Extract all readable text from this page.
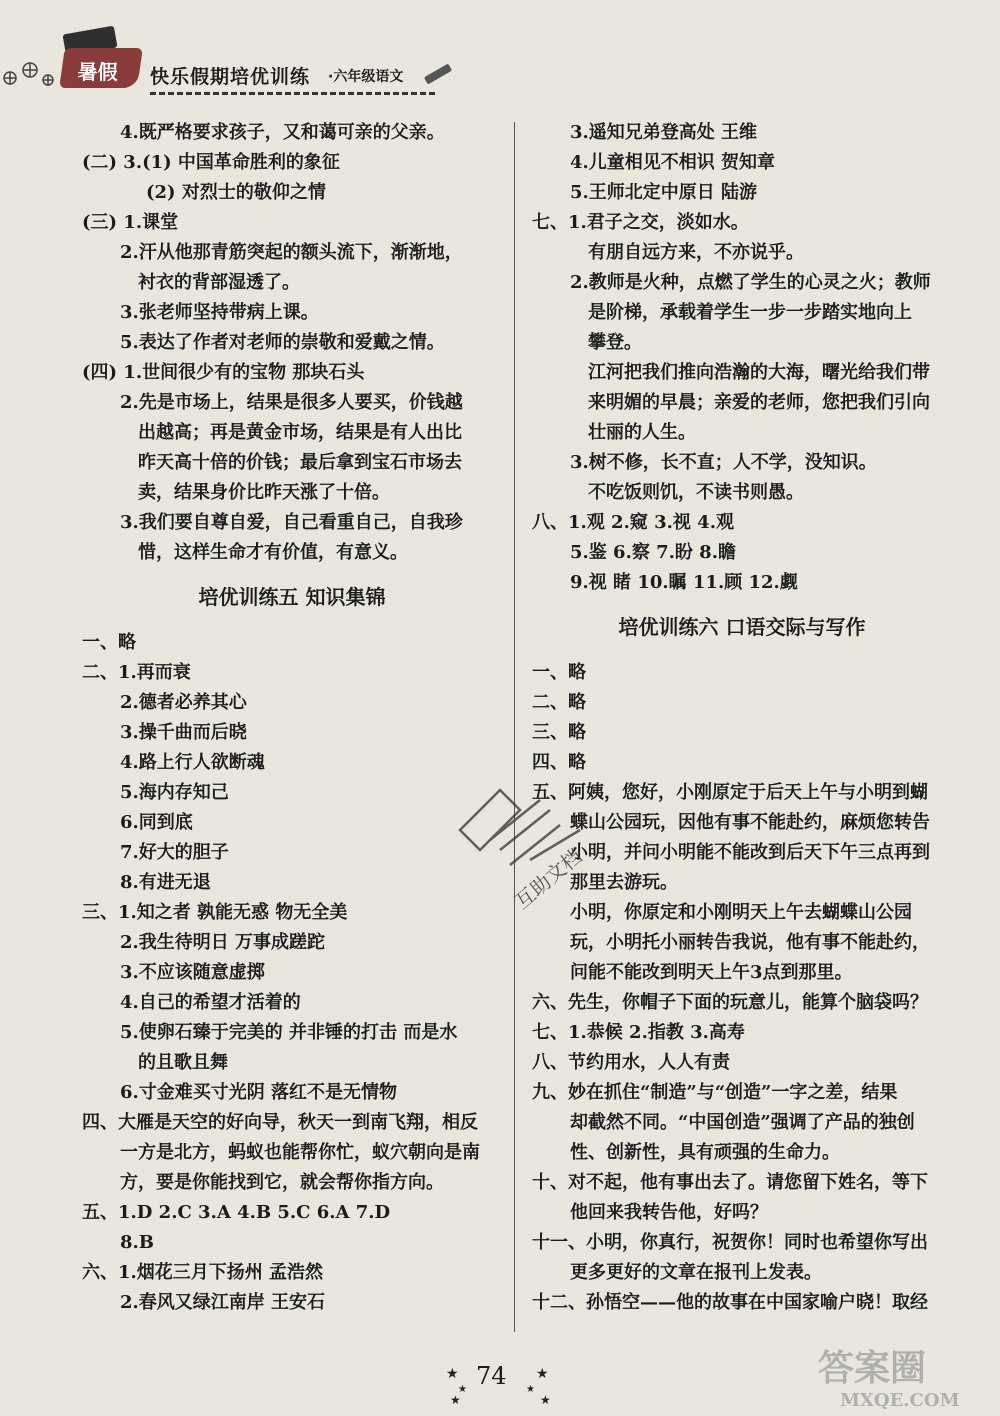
暑假 快乐假期培优训练 ·六年级语文
4.既严格要求孩子，又和蔼可亲的父亲。
(二) 3.(1) 中国革命胜利的象征
(2) 对烈士的敬仰之情
(三) 1.课堂
2.汗从他那青筋突起的额头流下，渐渐地，
衬衣的背部湿透了。
3.张老师坚持带病上课。
5.表达了作者对老师的崇敬和爱戴之情。
(四) 1.世间很少有的宝物 那块石头
2.先是市场上，结果是很多人要买，价钱越
出越高；再是黄金市场，结果是有人出比
昨天高十倍的价钱；最后拿到宝石市场去
卖，结果身价比昨天涨了十倍。
3.我们要自尊自爱，自己看重自己，自我珍
惜，这样生命才有价值，有意义。
培优训练五 知识集锦
一、略
二、1.再而衰
2.德者必养其心
3.操千曲而后晓
4.路上行人欲断魂
5.海内存知己
6.同到底
7.好大的胆子
8.有进无退
三、1.知之者 孰能无惑 物无全美
2.我生待明日 万事成蹉跎
3.不应该随意虚掷
4.自己的希望才活着的
5.使卵石臻于完美的 并非锤的打击 而是水
的且歌且舞
6.寸金难买寸光阴 落红不是无情物
四、大雁是天空的好向导，秋天一到南飞翔，相反
一方是北方，蚂蚁也能帮你忙，蚁穴朝向是南
方，要是你能找到它，就会帮你指方向。
五、1.D 2.C 3.A 4.B 5.C 6.A 7.D
8.B
六、1.烟花三月下扬州 孟浩然
2.春风又绿江南岸 王安石
3.遥知兄弟登高处 王维
4.儿童相见不相识 贺知章
5.王师北定中原日 陆游
七、1.君子之交，淡如水。
有朋自远方来，不亦说乎。
2.教师是火种，点燃了学生的心灵之火；教师
是阶梯，承载着学生一步一步踏实地向上
攀登。
江河把我们推向浩瀚的大海，曙光给我们带
来明媚的早晨；亲爱的老师，您把我们引向
壮丽的人生。
3.树不修，长不直；人不学，没知识。
不吃饭则饥，不读书则愚。
八、1.观 2.窥 3.视 4.观
5.鉴 6.察 7.盼 8.瞻
9.视 睹 10.瞩 11.顾 12.觑
培优训练六 口语交际与写作
一、略
二、略
三、略
四、略
五、阿姨，您好，小刚原定于后天上午与小明到蝴
蝶山公园玩，因他有事不能赴约，麻烦您转告
小明，并问小明能不能改到后天下午三点再到
那里去游玩。
小明，你原定和小刚明天上午去蝴蝶山公园
玩，小明托小丽转告我说，他有事不能赴约，
问能不能改到明天上午3点到那里。
六、先生，你帽子下面的玩意儿，能算个脑袋吗？
七、1.恭候 2.指教 3.高寿
八、节约用水，人人有责
九、妙在抓住“制造”与“创造”一字之差，结果
却截然不同。“中国创造”强调了产品的独创
性、创新性，具有顽强的生命力。
十、对不起，他有事出去了。请您留下姓名，等下
他回来我转告他，好吗？
十一、小明，你真行，祝贺你！同时也希望你写出
更多更好的文章在报刊上发表。
十二、孙悟空——他的故事在中国家喻户晓！取经
互助文档
★
★
★
★
★
★
74	答案圈
MXQE.COM
